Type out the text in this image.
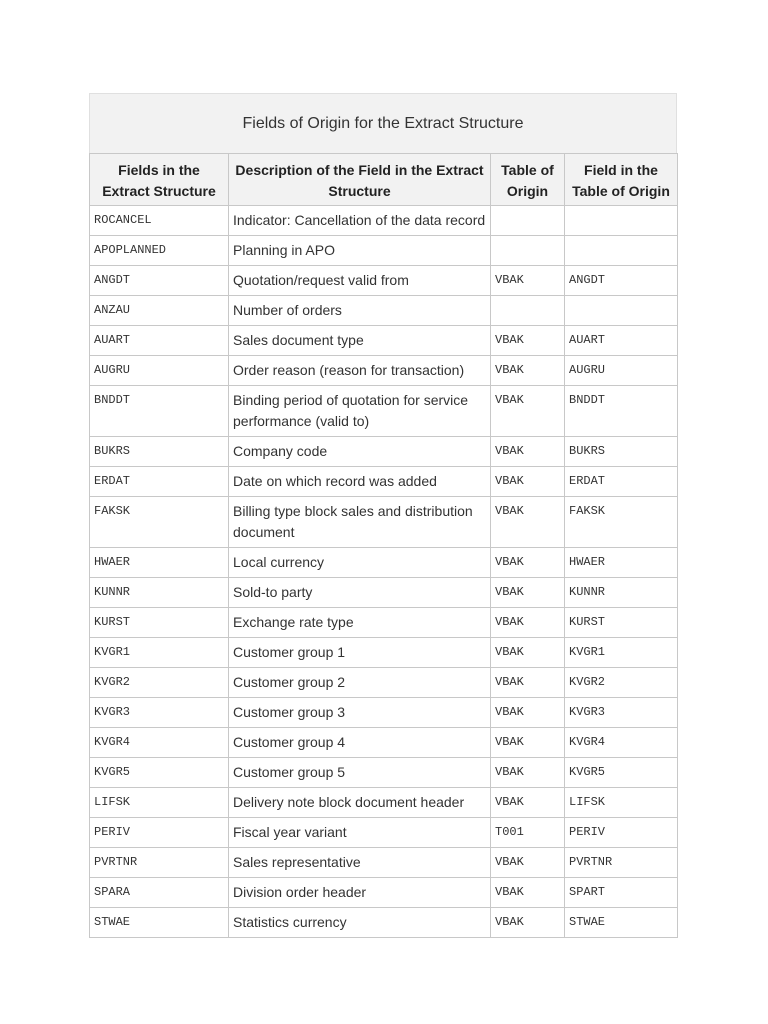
Fields of Origin for the Extract Structure
Fields in the Extract Structure	Description of the Field in the Extract Structure	Table of Origin	Field in the Table of Origin
ROCANCEL	Indicator: Cancellation of the data record		
APOPLANNED	Planning in APO		
ANGDT	Quotation/request valid from	VBAK	ANGDT
ANZAU	Number of orders		
AUART	Sales document type	VBAK	AUART
AUGRU	Order reason (reason for transaction)	VBAK	AUGRU
BNDDT	Binding period of quotation for service performance (valid to)	VBAK	BNDDT
BUKRS	Company code	VBAK	BUKRS
ERDAT	Date on which record was added	VBAK	ERDAT
FAKSK	Billing type block sales and distribution document	VBAK	FAKSK
HWAER	Local currency	VBAK	HWAER
KUNNR	Sold-to party	VBAK	KUNNR
KURST	Exchange rate type	VBAK	KURST
KVGR1	Customer group 1	VBAK	KVGR1
KVGR2	Customer group 2	VBAK	KVGR2
KVGR3	Customer group 3	VBAK	KVGR3
KVGR4	Customer group 4	VBAK	KVGR4
KVGR5	Customer group 5	VBAK	KVGR5
LIFSK	Delivery note block document header	VBAK	LIFSK
PERIV	Fiscal year variant	T001	PERIV
PVRTNR	Sales representative	VBAK	PVRTNR
SPARA	Division order header	VBAK	SPART
STWAE	Statistics currency	VBAK	STWAE
